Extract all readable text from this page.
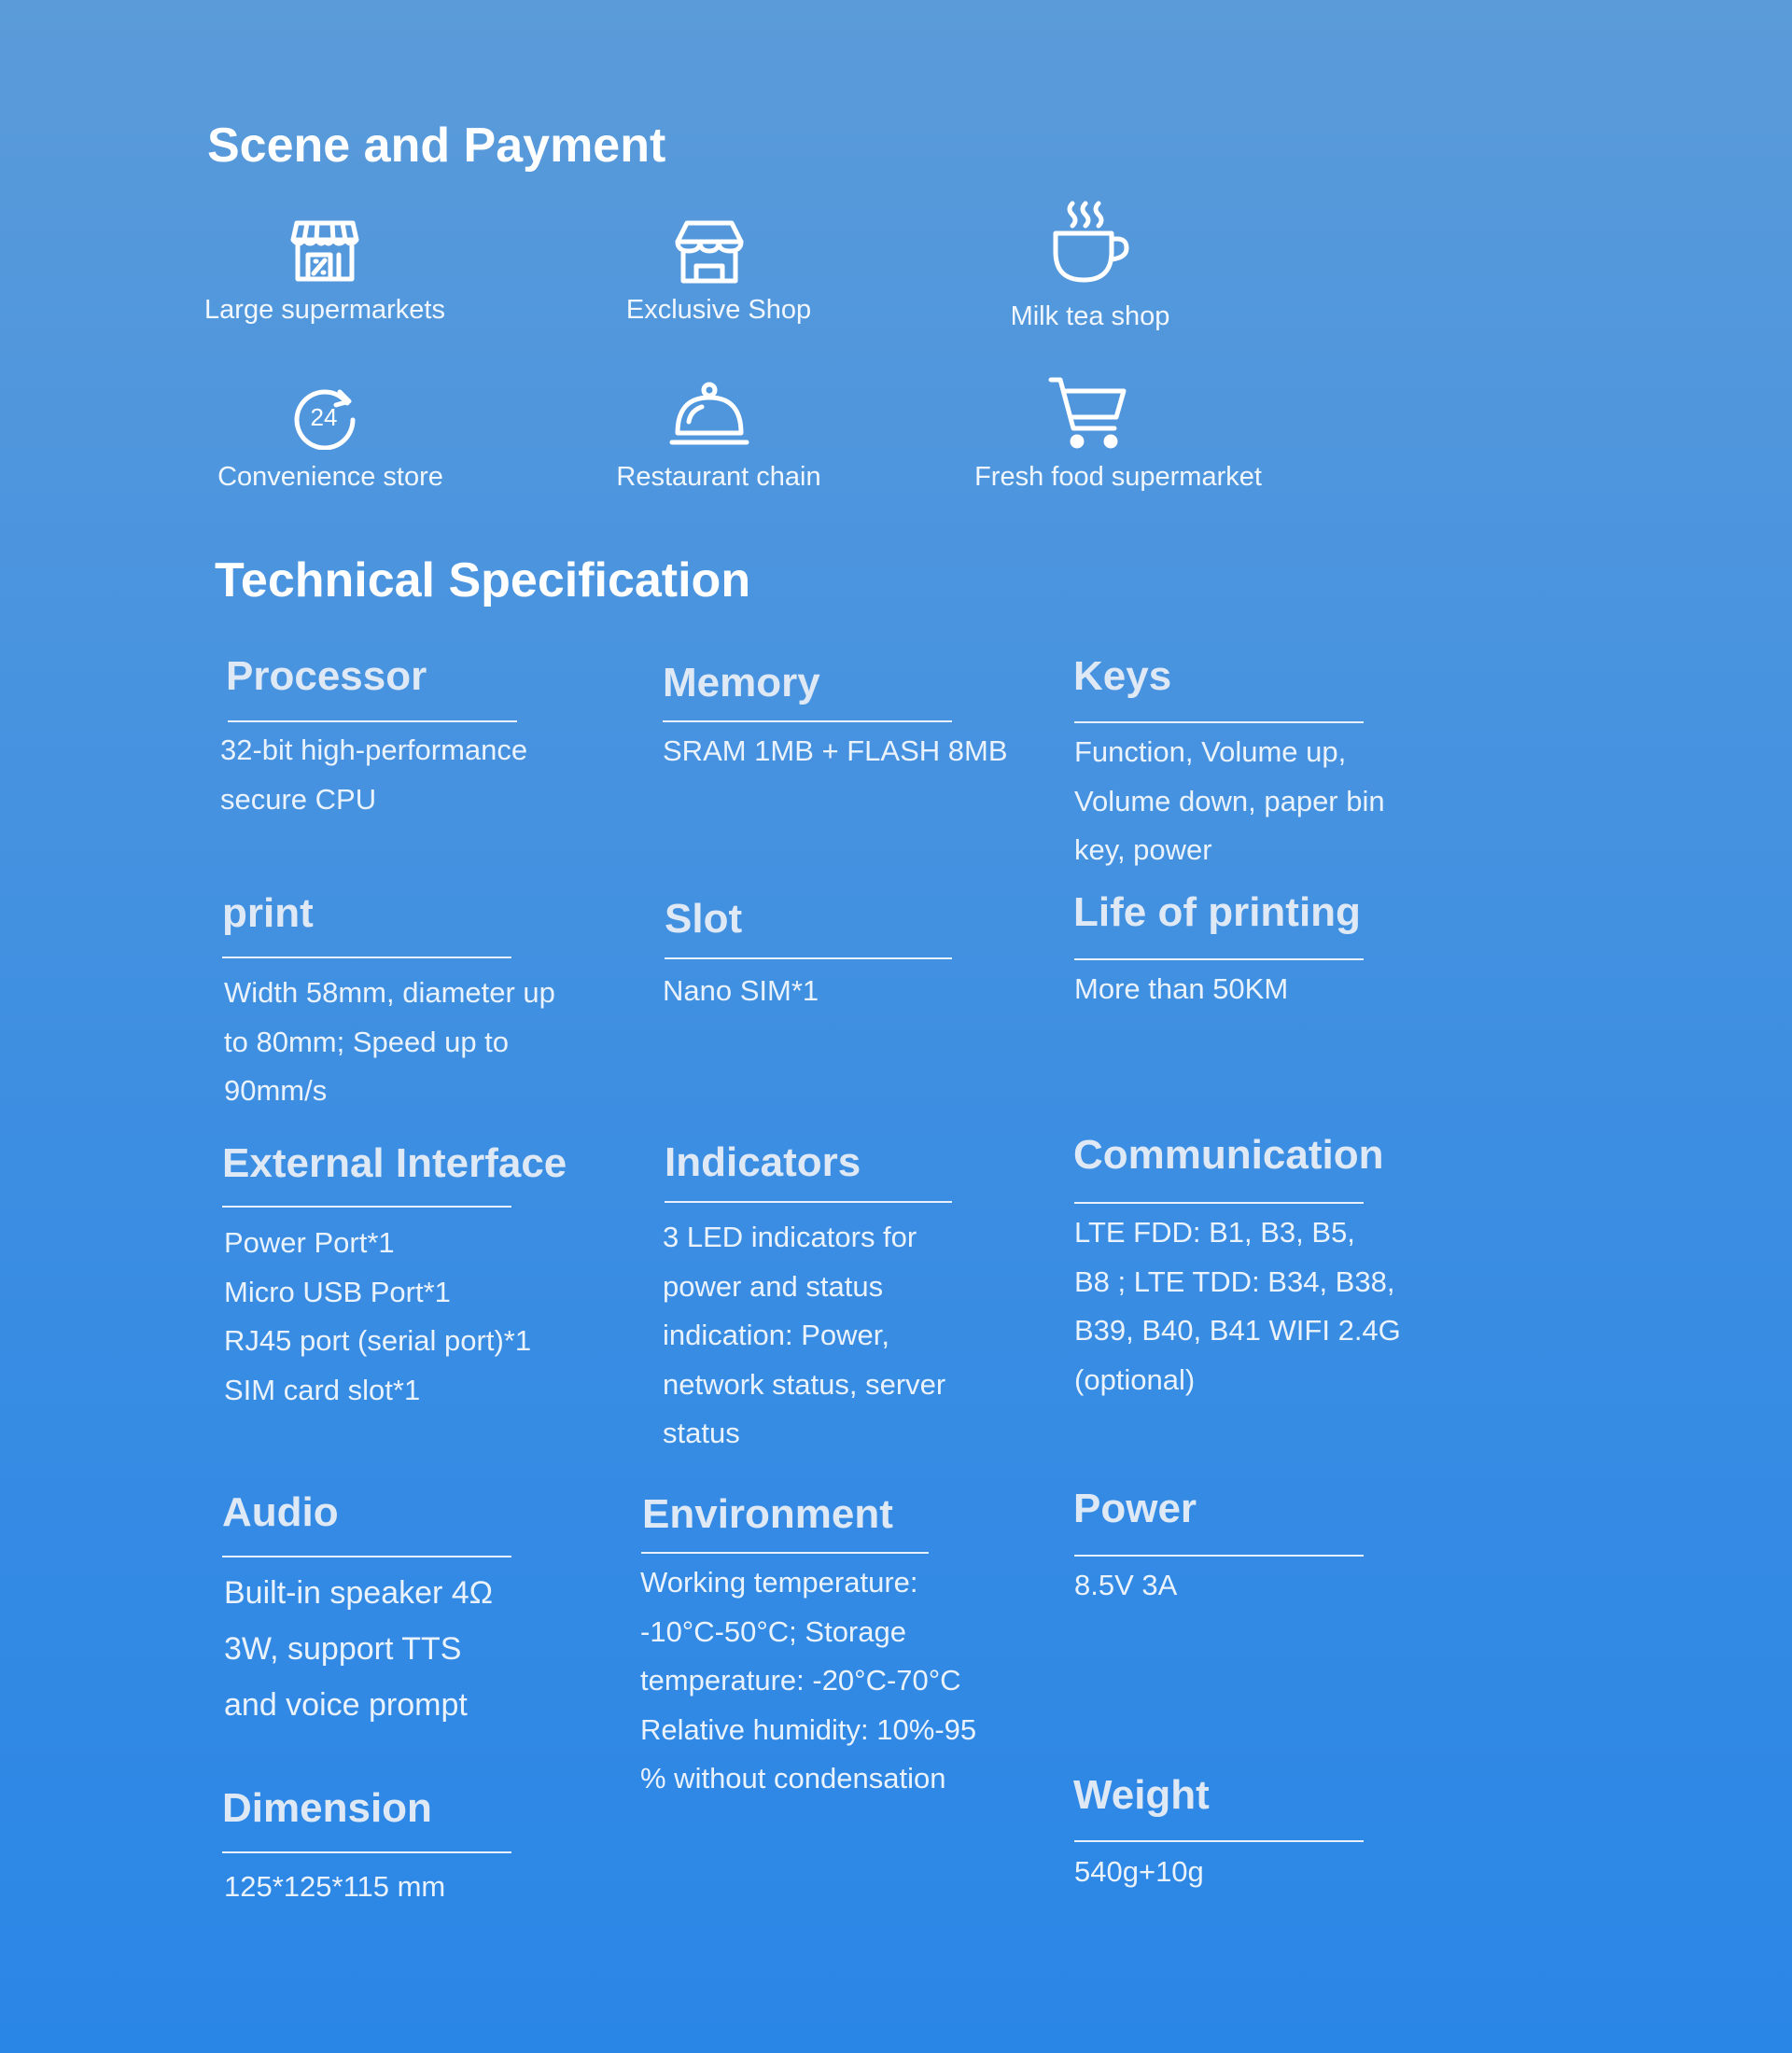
Scene and Payment
Large supermarkets	Exclusive Shop	Milk tea shop
24
Convenience store	Restaurant chain	Fresh food supermarket
Technical Specification
Processor
32-bit high-performance
secure CPU
Memory
SRAM 1MB + FLASH 8MB
Keys
Function, Volume up,
Volume down, paper bin
key, power
print
Width 58mm, diameter up
to 80mm; Speed up to
90mm/s
Slot
Nano SIM*1
Life of printing
More than 50KM
External Interface
Power Port*1
Micro USB Port*1
RJ45 port (serial port)*1
SIM card slot*1
Indicators
3 LED indicators for
power and status
indication: Power,
network status, server
status
Communication
LTE FDD: B1, B3, B5,
B8 ; LTE TDD: B34, B38,
B39, B40, B41 WIFI 2.4G
(optional)
Audio
Built-in speaker 4Ω
3W, support TTS
and voice prompt
Environment
Working temperature:
-10°C-50°C; Storage
temperature: -20°C-70°C
Relative humidity: 10%-95
% without condensation
Power
8.5V 3A
Dimension
125*125*115 mm
Weight
540g+10g
